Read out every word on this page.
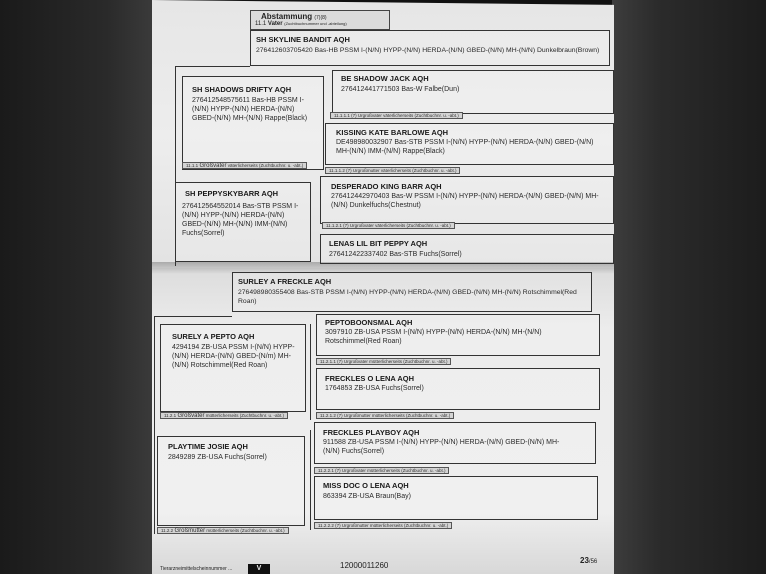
Abstammung (7)(8)
11.1 Vater (Zuchtbuchnummer und -abteilung)
SH SKYLINE BANDIT AQH
276412603705420 Bas-HB PSSM I-(N/N) HYPP-(N/N) HERDA-(N/N) GBED-(N/N) MH-(N/N) Dunkelbraun(Brown)
SH SHADOWS DRIFTY AQH
276412548575611 Bas-HB PSSM I-(N/N) HYPP-(N/N) HERDA-(N/N) GBED-(N/N) MH-(N/N) Rappe(Black)
11.1.1 Großvater väterlicherseits (Zuchtbuchnr. u. -abt.)
BE SHADOW JACK AQH
276412441771503 Bas-W Falbe(Dun)
11.1.1.1 (7) Urgroßvater väterlicherseits (Zuchtbuchnr. u. -abt.)
KISSING KATE BARLOWE AQH
DE498980032907 Bas-STB PSSM I-(N/N) HYPP-(N/N) HERDA-(N/N) GBED-(N/N) MH-(N/N) IMM-(N/N) Rappe(Black)
11.1.1.2 (7) Urgroßmutter väterlicherseits (Zuchtbuchnr. u. -abt.)
SH PEPPYSKYBARR AQH
276412564552014 Bas-STB PSSM I-(N/N) HYPP-(N/N) HERDA-(N/N) GBED-(N/N) MH-(N/N) IMM-(N/N) Fuchs(Sorrel)
DESPERADO KING BARR AQH
276412442970403 Bas-W PSSM I-(N/N) HYPP-(N/N) HERDA-(N/N) GBED-(N/N) MH-(N/N) Dunkelfuchs(Chestnut)
11.1.2.1 (7) Urgroßvater väterlicherseits (Zuchtbuchnr. u. -abt.)
LENAS LIL BIT PEPPY AQH
276412422337402 Bas-STB Fuchs(Sorrel)
SURLEY A FRECKLE AQH
276498980355408 Bas-STB PSSM I-(N/N) HYPP-(N/N) HERDA-(N/N) GBED-(N/N) MH-(N/N) Rotschimmel(Red Roan)
SURELY A PEPTO AQH
4294194 ZB-USA PSSM I-(N/N) HYPP-(N/N) HERDA-(N/N) GBED-(N/m) MH-(N/N) Rotschimmel(Red Roan)
11.2.1 Großvater mütterlicherseits (Zuchtbuchnr. u. -abt.)
PEPTOBOONSMAL AQH
3097910 ZB-USA PSSM I-(N/N) HYPP-(N/N) HERDA-(N/N) MH-(N/N) Rotschimmel(Red Roan)
11.2.1.1 (7) Urgroßvater mütterlicherseits (Zuchtbuchnr. u. -abt.)
FRECKLES O LENA AQH
1764853 ZB-USA Fuchs(Sorrel)
11.2.1.2 (7) Urgroßmutter mütterlicherseits (Zuchtbuchnr. u. -abt.)
PLAYTIME JOSIE AQH
2849289 ZB-USA Fuchs(Sorrel)
11.2.2 Großmutter mütterlicherseits (Zuchtbuchnr. u. -abt.)
FRECKLES PLAYBOY AQH
911588 ZB-USA PSSM I-(N/N) HYPP-(N/N) HERDA-(N/N) GBED-(N/N) MH-(N/N) Fuchs(Sorrel)
11.2.2.1 (7) Urgroßvater mütterlicherseits (Zuchtbuchnr. u. -abt.)
MISS DOC O LENA AQH
863394 ZB-USA Braun(Bay)
11.2.2.2 (7) Urgroßmutter mütterlicherseits (Zuchtbuchnr. u. -abt.)
Tierarzneimittelscheinnummer ...	V	12000011260
23/56
